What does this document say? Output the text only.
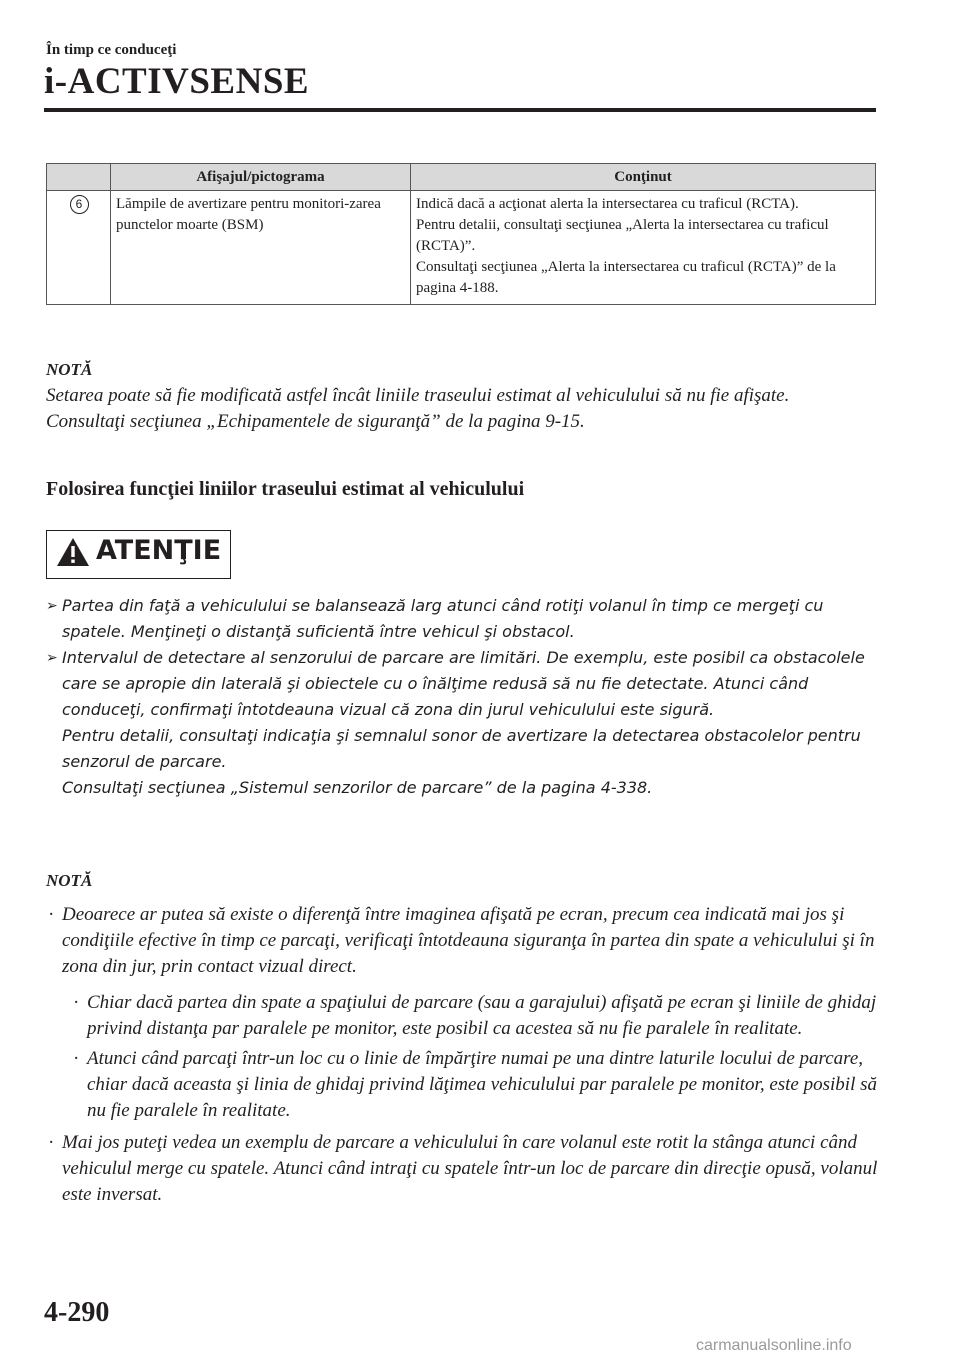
În timp ce conduceţi
i-ACTIVSENSE
	Afişajul/pictograma	Conţinut
6	Lămpile de avertizare pentru monitori-zarea punctelor moarte (BSM)	Indică dacă a acţionat alerta la intersectarea cu traficul (RCTA).
Pentru detalii, consultaţi secţiunea „Alerta la intersectarea cu traficul (RCTA)”.
Consultaţi secţiunea „Alerta la intersectarea cu traficul (RCTA)” de la pagina 4-188.
NOTĂ
Setarea poate să fie modificată astfel încât liniile traseului estimat al vehiculului să nu fie afişate.
Consultaţi secţiunea „Echipamentele de siguranţă” de la pagina 9-15.
Folosirea funcţiei liniilor traseului estimat al vehiculului
ATENŢIE
➢ Partea din faţă a vehiculului se balansează larg atunci când rotiţi volanul în timp ce mergeţi cu spatele. Menţineţi o distanţă suficientă între vehicul şi obstacol.
➢ Intervalul de detectare al senzorului de parcare are limitări. De exemplu, este posibil ca obstacolele care se apropie din laterală şi obiectele cu o înălţime redusă să nu fie detectate. Atunci când conduceţi, confirmaţi întotdeauna vizual că zona din jurul vehiculului este sigură.
Pentru detalii, consultaţi indicaţia şi semnalul sonor de avertizare la detectarea obstacolelor pentru senzorul de parcare.
Consultaţi secţiunea „Sistemul senzorilor de parcare” de la pagina 4-338.
NOTĂ
· Deoarece ar putea să existe o diferenţă între imaginea afişată pe ecran, precum cea indicată mai jos şi condiţiile efective în timp ce parcaţi, verificaţi întotdeauna siguranţa în partea din spate a vehiculului şi în zona din jur, prin contact vizual direct.
· Chiar dacă partea din spate a spaţiului de parcare (sau a garajului) afişată pe ecran şi liniile de ghidaj privind distanţa par paralele pe monitor, este posibil ca acestea să nu fie paralele în realitate.
· Atunci când parcaţi într-un loc cu o linie de împărţire numai pe una dintre laturile locului de parcare, chiar dacă aceasta şi linia de ghidaj privind lăţimea vehiculului par paralele pe monitor, este posibil să nu fie paralele în realitate.
· Mai jos puteţi vedea un exemplu de parcare a vehiculului în care volanul este rotit la stânga atunci când vehiculul merge cu spatele. Atunci când intraţi cu spatele într-un loc de parcare din direcţie opusă, volanul este inversat.
4-290
carmanualsonline.info
